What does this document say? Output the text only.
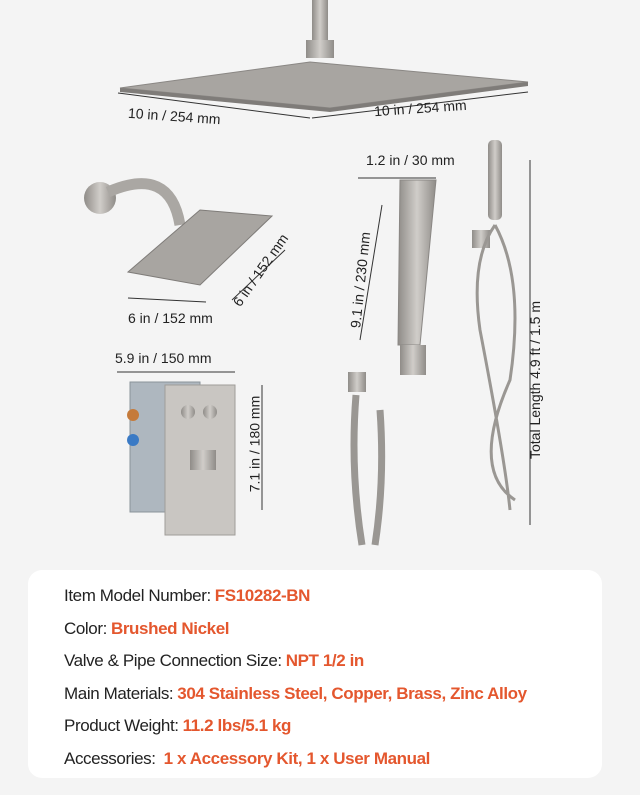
10 in / 254 mm	10 in / 254 mm
1.2 in / 30 mm
9.1 in / 230 mm
Total Length 4.9 ft / 1.5 m
6 in / 152 mm
6 in / 152 mm
5.9 in / 150 mm
7.1 in / 180 mm
Item Model Number: FS10282-BN
Color: Brushed Nickel
Valve & Pipe Connection Size: NPT 1/2 in
Main Materials: 304 Stainless Steel, Copper, Brass, Zinc Alloy
Product Weight: 11.2 lbs/5.1 kg
Accessories: 1 x Accessory Kit, 1 x User Manual
